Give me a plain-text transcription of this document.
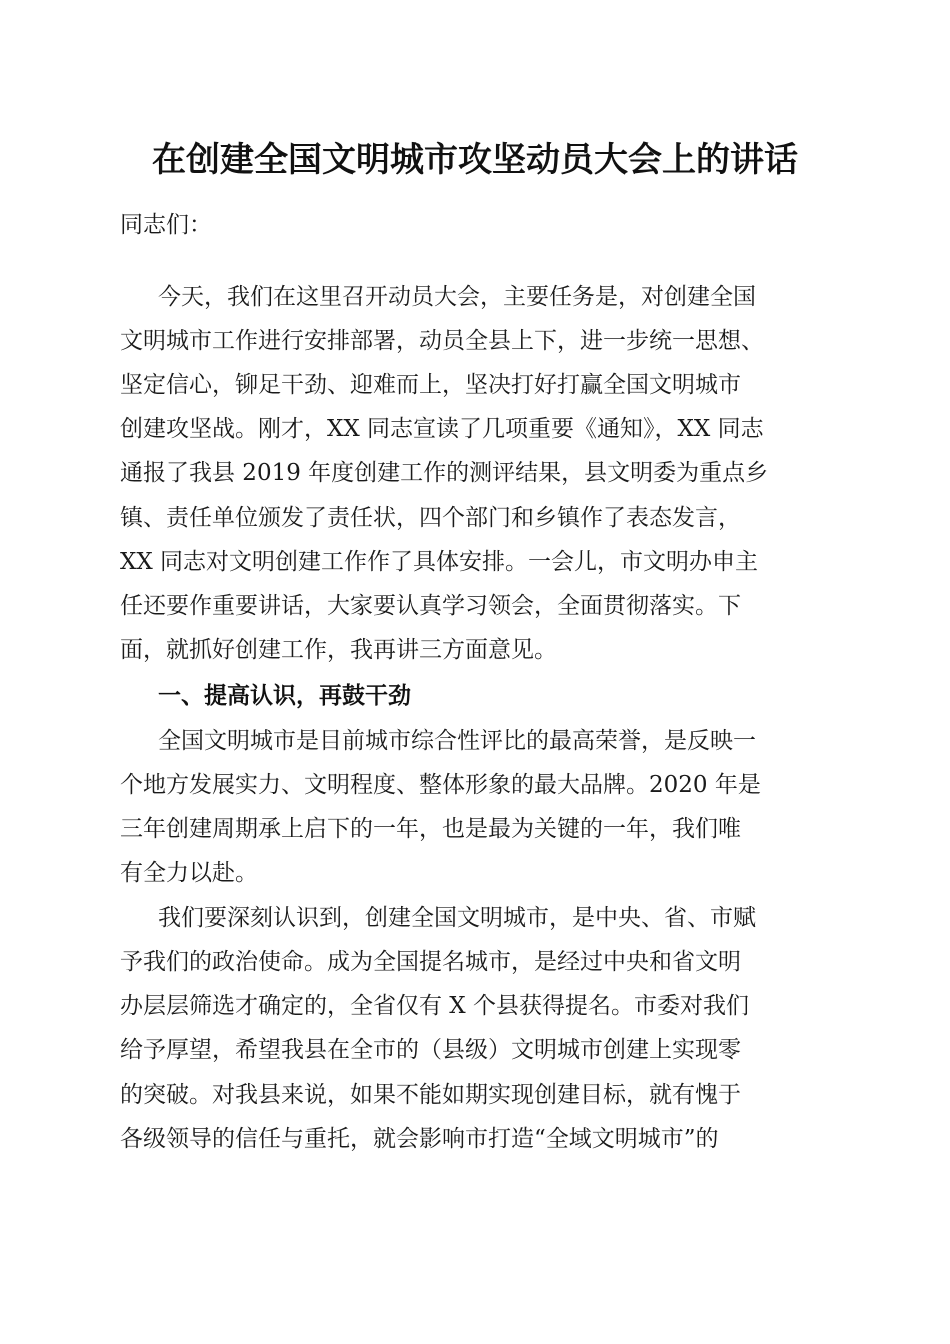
在创建全国文明城市攻坚动员大会上的讲话

同志们：

今天，我们在这里召开动员大会，主要任务是，对创建全国

文明城市工作进行安排部署，动员全县上下，进一步统一思想、

坚定信心，铆足干劲、迎难而上，坚决打好打赢全国文明城市

创建攻坚战。刚才，XX 同志宣读了几项重要《通知》，XX 同志

通报了我县 2019 年度创建工作的测评结果，县文明委为重点乡

镇、责任单位颁发了责任状，四个部门和乡镇作了表态发言，

XX 同志对文明创建工作作了具体安排。一会儿，市文明办申主

任还要作重要讲话，大家要认真学习领会，全面贯彻落实。下

面，就抓好创建工作，我再讲三方面意见。

一、提高认识，再鼓干劲

全国文明城市是目前城市综合性评比的最高荣誉，是反映一

个地方发展实力、文明程度、整体形象的最大品牌。2020 年是

三年创建周期承上启下的一年，也是最为关键的一年，我们唯

有全力以赴。

我们要深刻认识到，创建全国文明城市，是中央、省、市赋

予我们的政治使命。成为全国提名城市，是经过中央和省文明

办层层筛选才确定的，全省仅有 X 个县获得提名。市委对我们

给予厚望，希望我县在全市的（县级）文明城市创建上实现零

的突破。对我县来说，如果不能如期实现创建目标，就有愧于

各级领导的信任与重托，就会影响市打造“全域文明城市”的
